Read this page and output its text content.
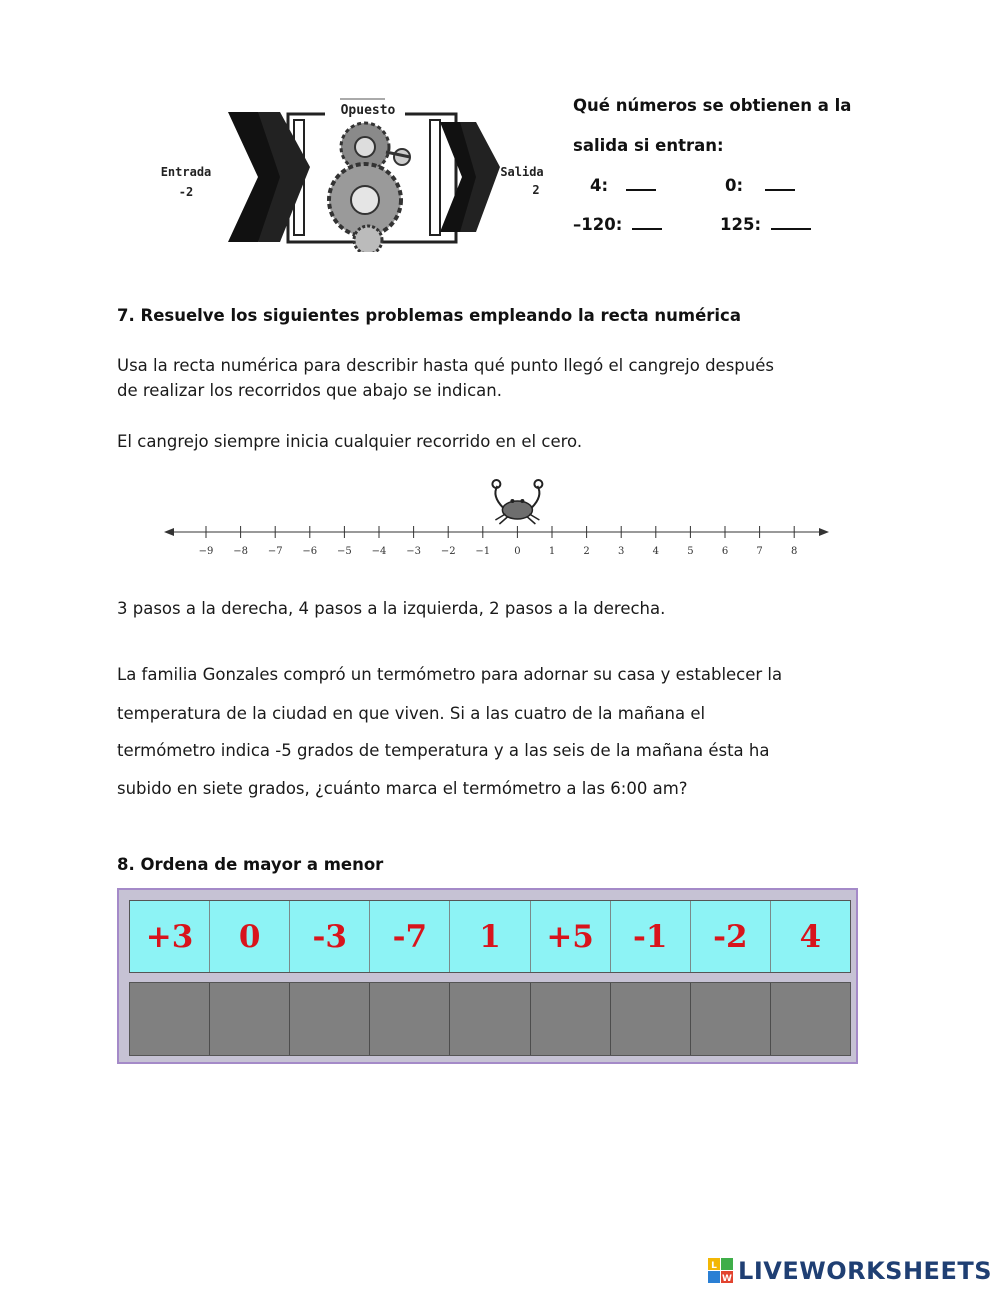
Opuesto
Entrada
-2
Salida
2
Qué números se obtienen a la
salida si entran:
4:	0:
–120:	125:
7. Resuelve los siguientes problemas empleando la recta numérica
Usa la recta numérica para describir hasta qué punto llegó el cangrejo después
de realizar los recorridos que abajo se indican.
El cangrejo siempre inicia cualquier recorrido en el cero.
−9 −8 −7 −6 −5 −4 −3 −2 −1 0	1	2	3	4	5	6	7	8
3 pasos a la derecha, 4 pasos a la izquierda, 2 pasos a la derecha.
La familia Gonzales compró un termómetro para adornar su casa y establecer la
temperatura de la ciudad en que viven. Si a las cuatro de la mañana el
termómetro indica -5 grados de temperatura y a las seis de la mañana ésta ha
subido en siete grados, ¿cuánto marca el termómetro a las 6:00 am?
8. Ordena de mayor a menor
+3	0	-3	-7	1	+5	-1	-2	4
L
W LIVEWORKSHEETS
